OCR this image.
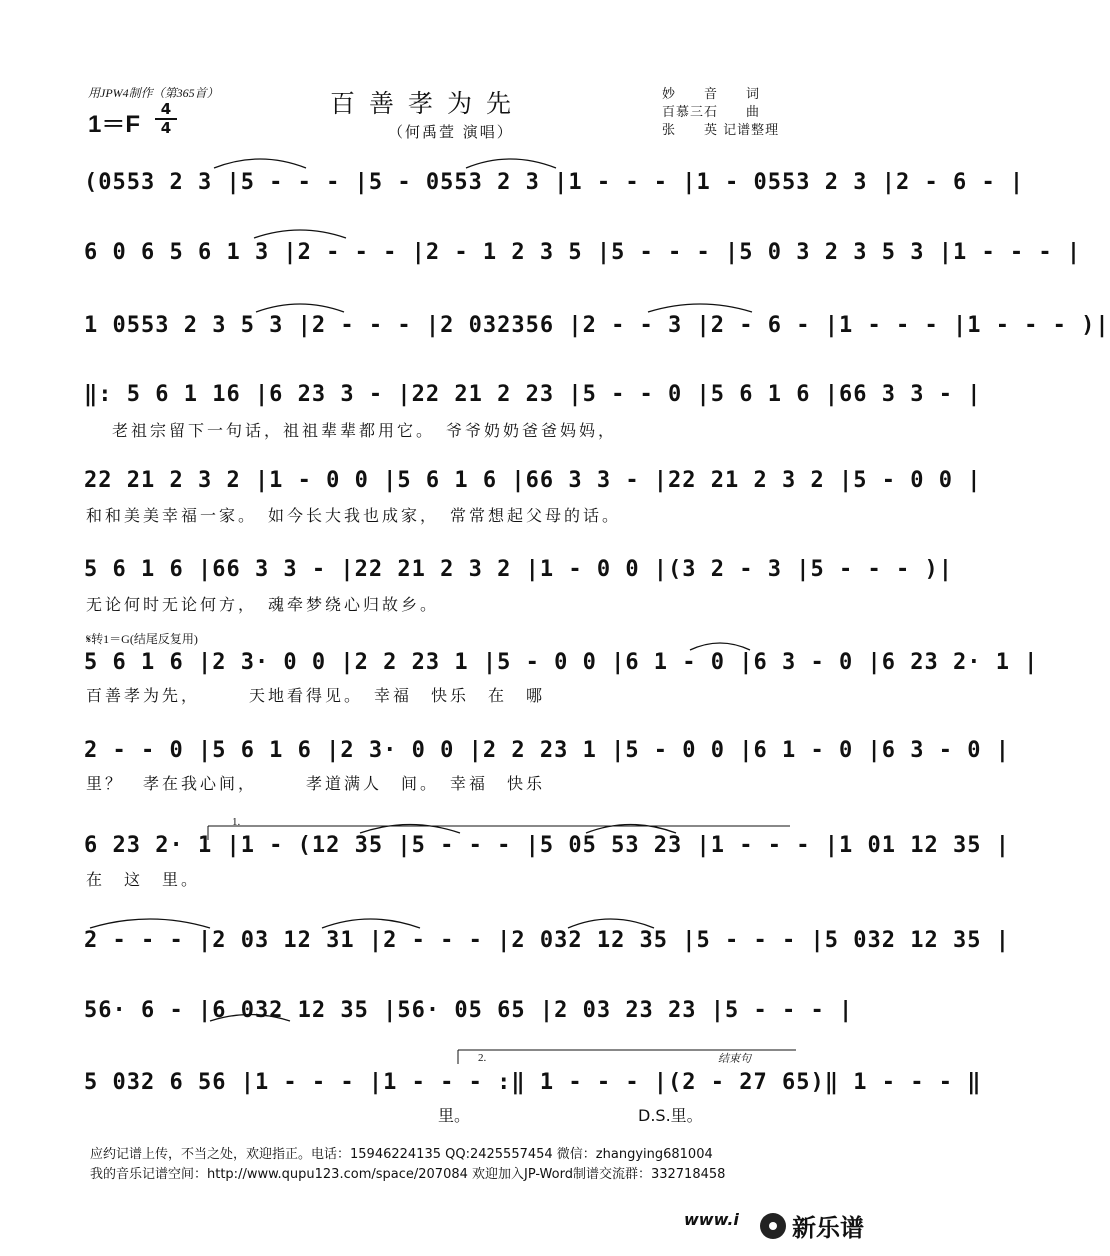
用JPW4制作（第365首）
1＝F
4
4
百善孝为先
（何禹萱 演唱）
妙　　音　　词
百慕三石　　曲
张　　英 记谱整理
(0553 2 3 |5 - - - |5 - 0553 2 3 |1 - - - |1 - 0553 2 3 |2 - 6 - |
6 0 6 5 6 1 3 |2 - - - |2 - 1 2 3 5 |5 - - - |5 0 3 2 3 5 3 |1 - - - |
1 0553 2 3 5 3 |2 - - - |2 032356 |2 - - 3 |2 - 6 - |1 - - - |1 - - - )|
‖: 5 6 1 16 |6 23 3 - |22 21 2 23 |5 - - 0 |5 6 1 6 |66 3 3 - |
老祖宗留下一句话，祖祖辈辈都用它。　爷爷奶奶爸爸妈妈，
22 21 2 3 2 |1 - 0 0 |5 6 1 6 |66 3 3 - |22 21 2 3 2 |5 - 0 0 |
和和美美幸福一家。　如今长大我也成家，　常常想起父母的话。
5 6 1 6 |66 3 3 - |22 21 2 3 2 |1 - 0 0 |(3 2 - 3 |5 - - - )|
无论何时无论何方，　魂牵梦绕心归故乡。
𝄋转1＝G(结尾反复用)
5 6 1 6 |2 3· 0 0 |2 2 23 1 |5 - 0 0 |6 1 - 0 |6 3 - 0 |6 23 2· 1 |
百善孝为先，　　　天地看得见。　幸福　快乐　在　哪
2 - - 0 |5 6 1 6 |2 3· 0 0 |2 2 23 1 |5 - 0 0 |6 1 - 0 |6 3 - 0 |
里？　孝在我心间，　　　孝道满人　间。　幸福　快乐
1.
6 23 2· 1 |1 - (12 35 |5 - - - |5 05 53 23 |1 - - - |1 01 12 35 |
在　这　里。
2 - - - |2 03 12 31 |2 - - - |2 032 12 35 |5 - - - |5 032 12 35 |
56· 6 - |6 032 12 35 |56· 05 65 |2 03 23 23 |5 - - - |
2.	结束句
5 032 6 56 |1 - - - |1 - - - :‖ 1 - - - |(2 - 27 65)‖ 1 - - - ‖
　　　　　　　　　　　　　　　　　　　　　　里。　　　　　　　　　　　D.S.里。
应约记谱上传，不当之处，欢迎指正。电话：15946224135 QQ:2425557454 微信：zhangying681004
我的音乐记谱空间：http://www.qupu123.com/space/207084 欢迎加入JP-Word制谱交流群：332718458
www.i 新乐谱
